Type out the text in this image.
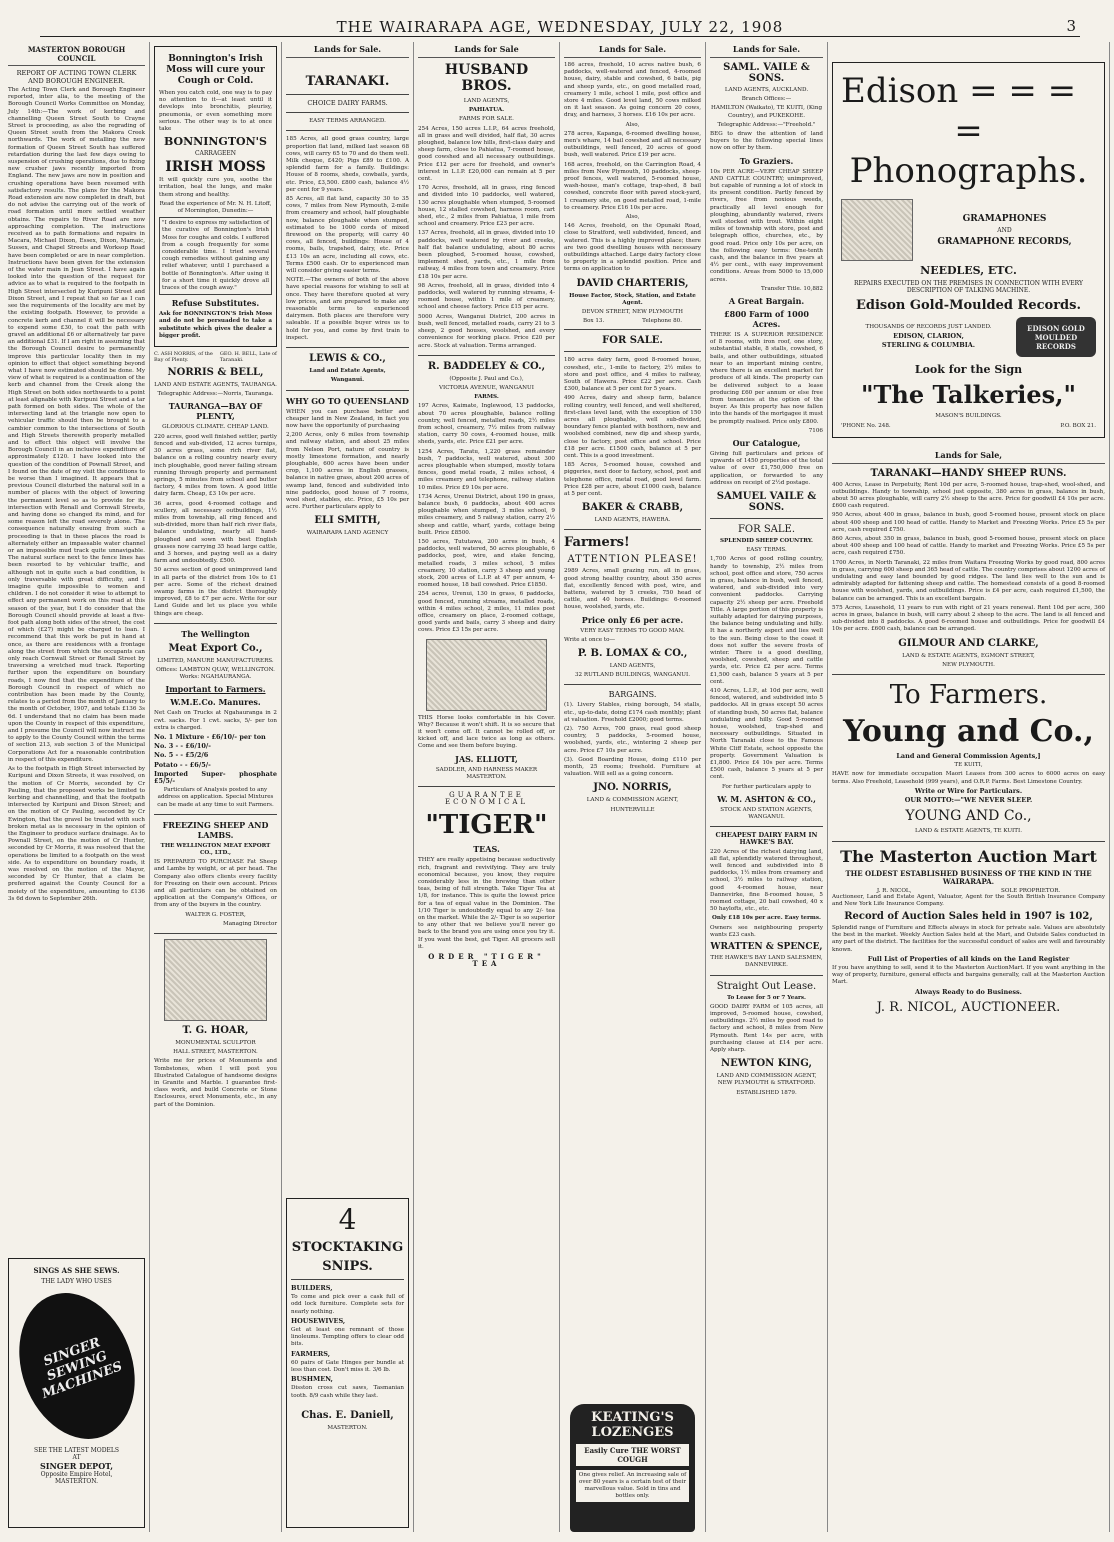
THE WAIRARAPA AGE, WEDNESDAY, JULY 22, 1908	3
MASTERTON BOROUGH COUNCIL

REPORT OF ACTING TOWN CLERK AND BOROUGH ENGINEER.

The Acting Town Clerk and Borough Engineer reported, inter alia, to the meeting of the Borough Council Works Committee on Monday, July 14th:—The work of kerbing and channelling Queen Street South to Crayne Street is proceeding, as also the regrading of Queen Street south from the Makora Creek northwards. The work of metalling the new formation of Queen Street South has suffered retardation during the last few days owing to suspension of crushing operations, due to fixing new crusher jaws recently imported from England. The new jaws are now in position and crushing operations have been resumed with satisfactory results. The plans for the Makora Road extension are now completed in draft, but do not advise the carrying out of the work of road formation until more settled weather obtains. The repairs to River Road are now approaching completion. The instructions received as to path formations and repairs in Macara, Michael Dixon, Essex, Dixon, Mamaic, Sussex, and Chapel Streets and Worksop Road have been completed or are in near completion. Instructions have been given for the extension of the water main in Jean Street. I have again looked into the question of the request for advice as to what is required to the footpath in High Street intersected by Kuripuni Street and Dixon Street, and I repeat that so far as I can see the requirements of the locality are met by the existing footpath. However, to provide a concrete kerb and channel it will be necessary to expend some £30, to coat the path with gravel an additional £6 or alternatively tar pave an additional £31. If I am right in assuming that the Borough Council desire to permanently improve this particular locality then in my opinion to effect that object something beyond what I have now estimated should be done. My view of what is required is a continuation of the kerb and channel from the Creek along the High Street on both sides northwards to a point at least alignable with Kuripuni Street and a tar path formed on both sides. The whole of the intersecting land at the triangle now open to vehicular traffic should then be brought to a cambier common to the intersections of South and High Streets therewith properly metalled and to effect this object will involve the Borough Council in an inclusive expenditure of approximately £120. I have looked into the question of the condition of Pownall Street, and I found on the date of my visit the conditions to be worse than I imagined. It appears that a previous Council disturbed the natural soil in a number of places with the object of lowering the permanent level so as to provide for its intersection with Renall and Cornwall Streets, and having done so changed its mind, and for some reason left the road severely alone. The consequence naturally ensuing from such a proceeding is that in these places the road is alternately either an impassable water channel or an impossible mud track quite unnavigable. The natural surface next to the fence lines has been resorted to by vehicular traffic, and although not in quite such a bad condition, is only traversable with great difficulty, and I imagine quite impossible to women and children. I do not consider it wise to attempt to effect any permanent work on this road at this season of the year, but I do consider that the Borough Council should provide at least a five-foot path along both sides of the street, the cost of which (£27) might be charged to loan. I recommend that this work be put in hand at once, as there are residences with a frontage along the street from which the occupants can only reach Cornwall Street or Renall Street by traversing a wretched mud track. Reporting further upon the expenditure on boundary roads, I now find that the expenditure of the Borough Council in respect of which no contribution has been made by the County, relates to a period from the month of January to the month of October, 1907, and totals £136 3s 6d. I understand that no claim has been made upon the County in respect of this expenditure, and I presume the Council will now instruct me to apply to the County Council within the terms of section 213, sub section 3 of the Municipal Corporations Act for a reasonable contribution in respect of this expenditure.

As to the footpath in High Street intersected by Kuripuni and Dixon Streets, it was resolved, on the motion of Cr Morris, seconded by Cr Pauling, that the proposed works be limited to kerbing and channelling, and that the footpath intersected by Kuripuni and Dixon Street; and on the motion of Cr Pauling, seconded by Cr Ewington, that the gravel be treated with such broken metal as is necessary in the opinion of the Engineer to produce surface drainage. As to Pownall Street, on the motion of Cr Hunter, seconded by Cr Morris, it was resolved that the operations be limited to a footpath on the west side. As to expenditure on boundary roads, it was resolved on the motion of the Mayor, seconded by Cr Hunter, that a claim be preferred against the County Council for a moiety of the expenditure, amounting to £136 3s 6d down to September 26th.

SINGS AS SHE SEWS.
THE LADY WHO USES
SINGER SEWING MACHINES
SEE THE LATEST MODELS
AT
SINGER DEPOT,
Opposite Empire Hotel,
MASTERTON.
Bonnington's Irish Moss will cure your Cough or Cold.

When you catch cold, one way is to pay no attention to it—at least until it develops into bronchitis, pleurisy, pneumonia, or even something more serious. The other way is to at once take

BONNINGTON'S
CARRAGEEN
IRISH MOSS

It will quickly cure you, soothe the irritation, heal the lungs, and make them strong and healthy.

Read the experience of Mr. N. H. Litoff, of Mornington, Dunedin:—

"I desire to express my satisfaction of the curative of Bonnington's Irish Moss for coughs and colds. I suffered from a cough frequently for some considerable time. I tried several cough remedies without gaining any relief whatever, until I purchased a bottle of Bonnington's. After using it for a short time it quickly drove all traces of the cough away."

Refuse Substitutes.

Ask for BONNINGTON'S Irish Moss and do not be persuaded to take a substitute which gives the dealer a bigger profit.

C. ASH NORRIS, of the Bay of Plenty.
GEO. H. BELL, Late of Taranaki.
NORRIS & BELL,

LAND AND ESTATE AGENTS, TAURANGA.

Telegraphic Address:—Norris, Tauranga.

TAURANGA—BAY OF PLENTY,

GLORIOUS CLIMATE. CHEAP LAND.

220 acres, good well finished settler, partly fenced and sub-divided, 12 acres turnips, 30 acres grass, some rich river flat, balance on a rolling country nearly every inch ploughable, good never failing stream running through property and permanent springs, 5 minutes from school and butter factory, 4 miles from town. A good little dairy farm. Cheap, £3 10s per acre.

36 acres, good 4-roomed cottage and scullery, all necessary outbuildings, 1½ miles from township, all ring fenced and sub-divided, more than half rich river flats, balance undulating, nearly all hand-ploughed and sown with best English grasses now carrying 35 head large cattle, and 3 horses, and paying well as a dairy farm and undoubtedly. £500.

50 acres section of good unimproved land in all parts of the district from 10s to £1 per acre. Some of the richest drained swamp farms in the district thoroughly improved, £8 to £7 per acre. Write for our Land Guide and let us place you while things are cheap.

The Wellington
Meat Export Co.,

LIMITED, MANURE MANUFACTURERS.

Offices: LAMBTON QUAY, WELLINGTON. Works: NGAHAURANGA.

Important to Farmers.
W.M.E.Co. Manures.

Net Cash on Trucks at Ngahauranga in 2 cwt. sacks. For 1 cwt. sacks, 5/- per ton extra is charged.

No. 1 Mixture - £6/10/- per ton

No. 3 - - £6/10/-

No. 5 - - £5/2/6

Potato - - £6/5/-

Imported Super- phosphate £5/5/-

Particulars of Analysis posted to any address on application. Special Mixtures can be made at any time to suit Farmers.

FREEZING SHEEP AND LAMBS.

THE WELLINGTON MEAT EXPORT CO., LTD.,

IS PREPARED TO PURCHASE Fat Sheep and Lambs by weight, or at per head. The Company also offers clients every facility for Freezing on their own account. Prices and all particulars can be obtained on application at the Company's Offices, or from any of the buyers in the country.

WALTER G. FOSTER,

Managing Director

T. G. HOAR,

MONUMENTAL SCULPTOR

HALL STREET, MASTERTON.

Write me for prices of Monuments and Tombstones, when I will post you Illustrated Catalogue of handsome designs in Granite and Marble. I guarantee first-class work, and build Concrete or Stone Enclosures, erect Monuments, etc., in any part of the Dominion.

Lands for Sale.
TARANAKI.

CHOICE DAIRY FARMS.

EASY TERMS ARRANGED.

185 Acres, all good grass country, large proportion flat land, milked last season 68 cows, will carry 65 to 70 and do them well. Milk cheque, £420; Pigs £89 to £100. A splendid farm for a family. Buildings: House of 8 rooms, sheds, cowbails, yards, etc. Price, £3,500. £800 cash, balance 4½ per cent for 9 years.

85 Acres, all flat land, capacity 30 to 35 cows, 7 miles from New Plymouth, 2-mile from creamery and school, half ploughable now, balance ploughable when stumped, estimated to be 1000 cords of mixed firewood on the property, will carry 40 cows, all fenced, buildings: House of 4 rooms, bails, trapshed, dairy, etc. Price £13 10s an acre, including all cows, etc. Terms £500 cash. Or to experienced man will consider giving easier terms.

NOTE.—The owners of both of the above have special reasons for wishing to sell at once. They have therefore quoted at very low prices, and are prepared to make any reasonable terms to experienced dairymen. Both places are therefore very saleable. If a possible buyer wires us to hold for you, and come by first train to inspect.

LEWIS & CO.,

Land and Estate Agents,

Wanganui.

WHY GO TO QUEENSLAND

WHEN you can purchase better and cheaper land in New Zealand, in fact you now have the opportunity of purchasing

2,200 Acres, only 6 miles from township and railway station, and about 25 miles from Nelson Port, nature of country is mostly limestone formation, and nearly ploughable, 600 acres have been under crop, 1,100 acres in English grasses, balance in native grass, about 200 acres of swamp land, fenced and subdivided into nine paddocks, good house of 7 rooms, wool shed, stables, etc. Price, £5 10s per acre. Further particulars apply to

ELI SMITH,

WAIRARAPA LAND AGENCY

4
STOCKTAKING
SNIPS.

BUILDERS,

To come and pick over a cask full of odd lock furniture. Complete sets for nearly nothing.

HOUSEWIVES,

Get at least one remnant of those linoleums. Tempting offers to clear odd bits.

FARMERS,

60 pairs of Gate Hinges per bundle at less than cost. Don't miss it. 3/6 lb.

BUSHMEN,

Disston cross cut saws, Tasmanian tooth. 8/9 cash while they last.

Chas. E. Daniell,

MASTERTON.

Lands for Sale
HUSBAND BROS.

LAND AGENTS,

PAHIATUA.

FARMS FOR SALE.

254 Acres, 150 acres L.I.P., 64 acres freehold, all in grass and well divided, half flat, 30 acres ploughed, balance low hills, first-class dairy and sheep farm, close to Pahiatua, 7-roomed house, good cowshed and all necessary outbuildings. Price £12 per acre for freehold, and owner's interest in L.I.P. £20,000 can remain at 5 per cent.

170 Acres, freehold, all in grass, ring fenced and divided into 10 paddocks, well watered, 130 acres ploughable when stumped, 5-roomed house, 12 stalled cowshed, harness room, cart shed, etc., 2 miles from Pahiatua, 1 mile from school and creamery. Price £23 per acre.

137 Acres, freehold, all in grass, divided into 10 paddocks, well watered by river and creeks, half flat balance undulating, about 80 acres been ploughed, 5-roomed house, cowshed, implement shed, yards, etc., 1 mile from railway, 4 miles from town and creamery. Price £18 10s per acre.

98 Acres, freehold, all in grass, divided into 4 paddocks, well watered by running streams, 4-roomed house, within 1 mile of creamery, school and cheese factory. Price £15 per acre.

5000 Acres, Wanganui District, 200 acres in bush, well fenced, metalled roads, carry 21 to 3 sheep, 2 good houses, woolshed, and every convenience for working place. Price £20 per acre. Stock at valuation. Terms arranged.

R. BADDELEY & CO.,

(Opposite J. Paul and Co.),

VICTORIA AVENUE, WANGANUI

FARMS.

197 Acres, Kaimate, Inglewood, 13 paddocks, about 70 acres ploughable, balance rolling country, well fenced, metalled roads, 2½ miles from school, creamery, 7½ miles from railway station, carry 50 cows, 4-roomed house, milk sheds, yards, etc. Price £21 per acre.

1254 Acres, Taratu, 1,220 grass remainder bush, 7 paddocks, well watered, about 300 acres ploughable when stumped, mostly totara fences, good metal roads, 2 miles school, 4 miles creamery and telephone, railway station 10 miles. Price £9 10s per acre.

1734 Acres, Urenui District, about 190 in grass, balance bush, 6 paddocks, about 400 acres ploughable when stumped, 3 miles school, 9 miles creamery, and 5 railway station, carry 2½ sheep and cattle, wharf, yards, cottage being built. Price £8500.

150 acres, Tututawa, 200 acres in bush, 4 paddocks, well watered, 50 acres ploughable, 6 paddocks, post, wire, and stake fencing, metalled roads, 3 miles school, 5 miles creamery, 10 station, carry 3 sheep and young stock, 200 acres of L.I.P. at 47 per annum, 4-roomed house, 18 bail cowshed. Price £1850.

254 acres, Urenui, 130 in grass, 6 paddocks, good fenced, running streams, metalled roads, within 4 miles school, 2 miles, 11 miles post office, creamery on place, 2-roomed cottage, good yards and bails, carry 3 sheep and dairy cows. Price £3 15s per acre.

THIS Horse looks comfortable in his Cover. Why? Because it won't shift. It is so secure that it won't come off. It cannot be rolled off, or kicked off, and lace twice as long as others. Come and see them before buying.

JAS. ELLIOTT,

SADDLER, AND HARNESS MAKER MASTERTON.

GUARANTEE ECONOMICAL

"TIGER"
TEAS.

THEY are really appetising because seductively rich, fragrant and revivifying. They are truly economical because, you know, they require considerably less in the brewing than other teas, being of full strength. Take Tiger Tea at 1/8, for instance. This is quite the lowest price for a tea of equal value in the Dominion. The 1/10 Tiger is undoubtedly equal to any 2/- tea on the market. While the 2/- Tiger is so superior to any other that we believe you'll never go back to the brand you are using once you try it. If you want the best, get Tiger. All grocers sell it.

ORDER "TIGER" TEA

Lands for Sale.

186 acres, freehold, 10 acres native bush, 6 paddocks, well-watered and fenced, 4-roomed house, dairy, stable and cowshed, 6 bails, pig and sheep yards, etc., on good metalled road, creamery 1 mile, school 1 mile, post office and store 4 miles. Good level land, 50 cows milked on it last season. As going concern 20 cows, dray, and harness, 3 horses. £16 10s per acre.

Also,

278 acres, Kapanga, 6-roomed dwelling house, men's whare, 14 bail cowshed and all necessary outbuildings, well fenced, 20 acres of good bush, well watered. Price £19 per acre.

168 acres, freehold, on the Carrington Road, 4 miles from New Plymouth, 10 paddocks, sheep-proof fences, well watered, 5-roomed house, wash-house, man's cottage, trap-shed, 8 bail cowshed, concrete floor with paved stock-yard, 1 creamery site, on good metalled road, 1-mile to creamery. Price £16 10s per acre.

Also,

146 Acres, freehold, on the Opunaki Road, close to Stratford, well subdivided, fenced, and watered. This is a highly improved place; there are two good dwelling houses with necessary outbuildings attached. Large dairy factory close to property in a splendid position. Price and terms on application to

DAVID CHARTERIS,

House Factor, Stock, Station, and Estate Agent.

DEVON STREET, NEW PLYMOUTH

Box 13.	Telephone 80.
FOR SALE.

180 acres dairy farm, good 8-roomed house, cowshed, etc., 1-mile to factory, 2½ miles to store and post office, and 4 miles to railway, South of Hawera. Price £22 per acre. Cash £300, balance at 5 per cent for 5 years.

490 Acres, dairy and sheep farm, balance rolling country, well fenced, and well sheltered, first-class level land, with the exception of 150 acres all ploughable, well sub-divided, boundary fence planted with boxthorn, new and woolshed combined, new dip and sheep yards, close to factory, post office and school. Price £18 per acre. £1500 cash, balance at 5 per cent. This is a good investment.

185 Acres, 5-roomed house, cowshed and piggeries, next door to factory, school, post and telephone office, metal road, good level farm. Price £28 per acre, about £1000 cash, balance at 5 per cent.

BAKER & CRABB,

LAND AGENTS, HAWERA.

Farmers!
ATTENTION PLEASE!

2989 Acres, small grazing run, all in grass, good strong healthy country, about 350 acres flat, excellently fenced with post, wire, and battens, watered by 5 creeks, 750 head of cattle, and 40 horses. Buildings: 6-roomed house, woolshed, yards, etc.

Price only £6 per acre.

VERY EASY TERMS TO GOOD MAN.

Write at once to—

P. B. LOMAX & CO.,

LAND AGENTS,

32 RUTLAND BUILDINGS, WANGANUI.

BARGAINS.

(1). Livery Stables, rising borough, 54 stalls, etc., up-to-date, doing £174 cash monthly; plant at valuation. Freehold £2000; good terms.

(2). 750 Acres, 700 grass, real good sheep country, 5 paddocks, 5-roomed house, woolshed, yards, etc., wintering 2 sheep per acre. Price £7 10s per acre.

(3). Good Boarding House, doing £110 per month, 25 rooms; freehold. Furniture at valuation. Will sell as a going concern.

JNO. NORRIS,

LAND & COMMISSION AGENT,

HUNTERVILLE

KEATING'S LOZENGES
Easily Cure THE WORST COUGH
One gives relief. An increasing sale of over 80 years is a certain test of their marvellous value. Sold in tins and bottles only.
Lands for Sale.
SAML. VAILE & SONS.

LAND AGENTS, AUCKLAND.

Branch Offices:—

HAMILTON (Waikato), TE KUITI, (King Country), and PUKEKOHE.

Telegraphic Address:—"Freehold."

BEG to draw the attention of land buyers to the following special lines now on offer by them.

To Graziers.

10s PER ACRE—VERY CHEAP SHEEP AND CATTLE COUNTRY; unimproved, but capable of running a lot of stock in its present condition. Partly fenced by rivers, free from noxious weeds, practically all level enough for ploughing, abundantly watered, rivers well stocked with trout. Within eight miles of township with store, post and telegraph office, churches, etc., by good road. Price only 10s per acre, on the following easy terms: One-tenth cash, and the balance in five years at 4½ per cent., with easy improvement conditions. Areas from 5000 to 15,000 acres.

Transfer Title. 10,882

A Great Bargain.
£800 Farm of 1000 Acres.

THERE IS A SUPERIOR RESIDENCE of 8 rooms, with iron roof, one story, substantial stable, 8 stalls, cowshed, 6 bails, and other outbuildings, situated near to an important mining centre, where there is an excellent market for produce of all kinds. The property can be delivered subject to a lease producing £60 per annum or else free from tenancies at the option of the buyer. As this property has now fallen into the hands of the mortgagee it must be promptly realised. Price only £800.

7106

Our Catalogue,

Giving full particulars and prices of upwards of 1450 properties of the total value of over £1,750,000 free on application, or forwarded to any address on receipt of 2½d postage.

SAMUEL VAILE & SONS.
FOR SALE.

SPLENDID SHEEP COUNTRY.

EASY TERMS.

1,700 Acres of good rolling country, handy to township, 2½ miles from school, post office and store, 750 acres in grass, balance in bush, well fenced, watered, and sub-divided into very convenient paddocks. Carrying capacity 2½ sheep per acre. Freehold Title. A large portion of this property is suitably adapted for dairying purposes, the balance being undulating and hilly. It has a northerly aspect and lies well to the sun. Being close to the coast it does not suffer the severe frosts of winter. There is a good dwelling, woolshed, cowshed, sheep and cattle yards, etc. Price £2 per acre. Terms £1,500 cash, balance 5 years at 5 per cent.

410 Acres, L.I.P., at 10d per acre, well fenced, watered, and subdivided into 5 paddocks. All in grass except 50 acres of standing bush, 50 acres flat, balance undulating and hilly. Good 5-roomed house, woolshed, trap-shed and necessary outbuildings. Situated in North Taranaki close to the Famous White Cliff Estate, school opposite the property. Government Valuation is £1,800. Price £4 10s per acre. Terms £500 cash, balance 5 years at 5 per cent.

For further particulars apply to

W. M. ASHTON & CO.,

STOCK AND STATION AGENTS, WANGANUI.

CHEAPEST DAIRY FARM IN HAWKE'S BAY.

220 Acres of the richest dairying land, all flat, splendidly watered throughout, well fenced and subdivided into 8 paddocks, 1½ miles from creamery and school, 3½ miles to railway station, good 4-roomed house, near Dannevirke, fine 8-roomed house, 5 roomed cottage, 20 bail cowshed, 40 x 50 haylofts, etc., etc.

Only £18 10s per acre. Easy terms.

Owners see neighbouring property wants £23 cash.

WRATTEN & SPENCE,

THE HAWKE'S BAY LAND SALESMEN, DANNEVIRKE.

Straight Out Lease.

To Lease for 5 or 7 Years.

GOOD DAIRY FARM of 105 acres, all improved, 5-roomed house, cowshed, outbuildings. 2½ miles by good road to factory and school, 8 miles from New Plymouth. Rent 14s per acre, with purchasing clause at £14 per acre. Apply sharp.

NEWTON KING,

LAND AND COMMISSION AGENT, NEW PLYMOUTH & STRATFORD.

ESTABLISHED 1879.

Edison = = =
= Phonographs.
GRAMAPHONES
AND
GRAMAPHONE RECORDS,
NEEDLES, ETC.

REPAIRS EXECUTED ON THE PREMISES IN CONNECTION WITH EVERY DESCRIPTION OF TALKING MACHINE.

Edison Gold-Moulded Records.

THOUSANDS OF RECORDS JUST LANDED.

EDISON, CLARION,

STERLING & COLUMBIA.

EDISON GOLD MOULDED RECORDS
Look for the Sign
"The Talkeries,"

MASON'S BUILDINGS.

'PHONE No. 248.	P.O. BOX 21.
Lands for Sale,
TARANAKI—HANDY SHEEP RUNS.

400 Acres, Lease in Perpetuity, Rent 10d per acre, 5-roomed house, trap-shed, wool-shed, and outbuildings. Handy to township, school just opposite, 380 acres in grass, balance in bush, about 50 acres ploughable, will carry 2½ sheep to the acre. Price for goodwill £4 10s per acre. £600 cash required.

950 Acres, about 400 in grass, balance in bush, good 5-roomed house, present stock on place about 400 sheep and 100 head of cattle. Handy to Market and Freezing Works. Price £5 5s per acre, cash required £750.

860 Acres, about 350 in grass, balance in bush, good 5-roomed house, present stock on place about 400 sheep and 100 head of cattle. Handy to market and Freezing Works. Price £5 5s per acre, cash required £750.

1700 Acres, in North Taranaki, 22 miles from Waitara Freezing Works by good road, 800 acres in grass, carrying 600 sheep and 365 head of cattle. The country comprises about 1200 acres of undulating and easy land bounded by good ridges. The land lies well to the sun and is admirably adapted for fattening sheep and cattle. The homestead consists of a good 8-roomed house with woolshed, yards, and outbuildings. Price is £4 per acre, cash required £1,500, the balance can be arranged. This is an excellent bargain.

575 Acres, Leasehold, 11 years to run with right of 21 years renewal. Rent 10d per acre, 360 acres in grass, balance in bush, will carry about 2 sheep to the acre. The land is all fenced and sub-divided into 8 paddocks. A good 6-roomed house and outbuildings. Price for goodwill £4 10s per acre. £600 cash, balance can be arranged.

GILMOUR AND CLARKE,

LAND & ESTATE AGENTS, EGMONT STREET,

NEW PLYMOUTH.

To Farmers.
Young and Co.,

Land and General Commission Agents,]

TE KUITI,

HAVE now for immediate occupation Maori Leases from 300 acres to 6000 acres on easy terms. Also Freehold, Leasehold (999 years), and O.R.P. Farms. Best Limestone Country.

Write or Wire for Particulars.

OUR MOTTO:—"WE NEVER SLEEP.

YOUNG AND Co.,

LAND & ESTATE AGENTS, TE KUITI.

The Masterton Auction Mart

THE OLDEST ESTABLISHED BUSINESS OF THE KIND IN THE WAIRARAPA.

J. R. NICOL,	SOLE PROPRIETOR.

Auctioneer, Land and Estate Agent, Valuator, Agent for the South British Insurance Company and New York Life Insurance Company.

Record of Auction Sales held in 1907 is 102,

Splendid range of Furniture and Effects always in stock for private sale. Values are absolutely the best in the market. Weekly Auction Sales held at the Mart, and Outside Sales conducted in any part of the district. The facilities for the successful conduct of sales are well and favourably known.

Full List of Properties of all kinds on the Land Register

If you have anything to sell, send it to the Masterton AuctionMart. If you want anything in the way of property, furniture, general effects and bargains generally, call at the Masterton Auction Mart.

Always Ready to do Business.

J. R. NICOL, AUCTIONEER.
